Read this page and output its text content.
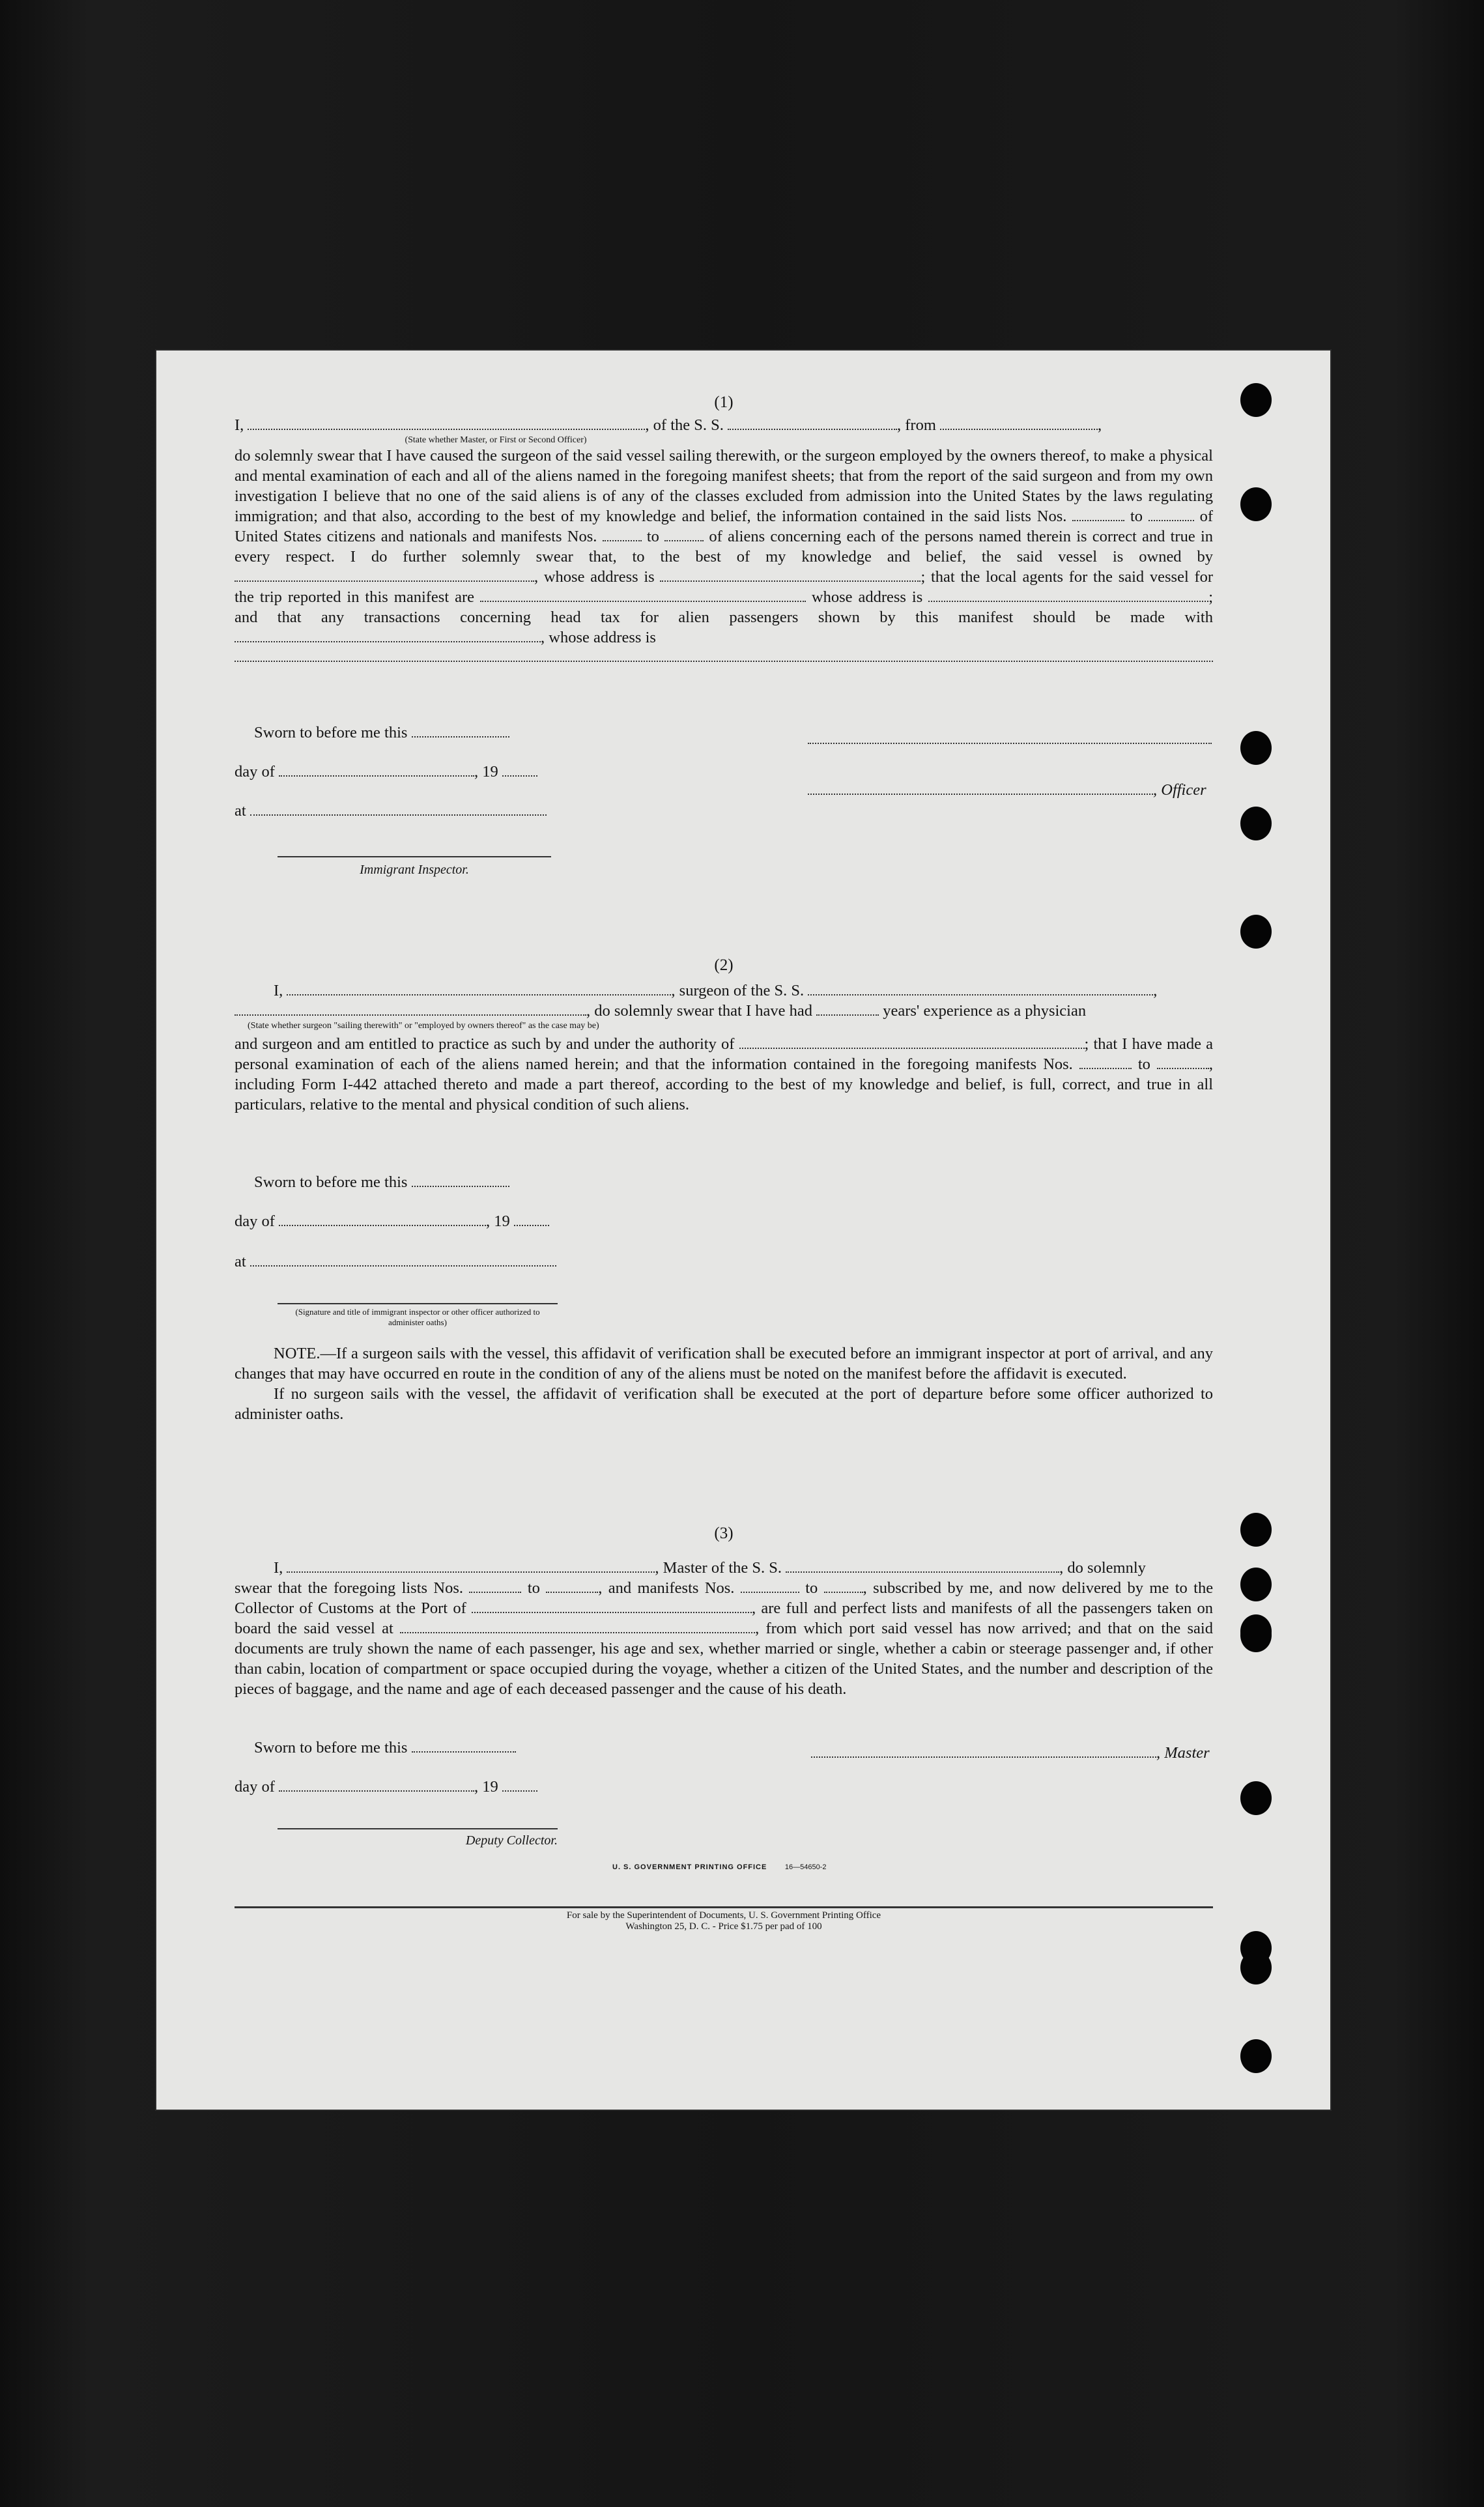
(1)

I,	, of the S. S.	, from	,
(State whether Master, or First or Second Officer)
do solemnly swear that I have caused the surgeon of the said vessel sailing therewith, or the surgeon employed by the owners thereof, to make a physical and mental examination of each and all of the aliens named in the foregoing manifest sheets; that from the report of the said surgeon and from my own investigation I believe that no one of the said aliens is of any of the classes excluded from admission into the United States by the laws regulating immigration; and that also, according to the best of my knowledge and belief, the information contained in the said lists Nos.	to	of United States citizens and nationals and manifests Nos.	to	of aliens concerning each of the persons named therein is correct and true in every respect. I do further solemnly swear that, to the best of my knowledge and belief, the said vessel is owned by , whose address is	; that the local agents for the said vessel for the trip reported in this manifest are	whose address is	; and that any transactions concerning head tax for alien passengers shown by this manifest should be made with , whose address is
Sworn to before me this
day of	, 19
, Officer
at
Immigrant Inspector.

(2)

I,	, surgeon of the S. S.	,
, do solemnly swear that I have had	years' experience as a physician
(State whether surgeon "sailing therewith" or "employed by owners thereof" as the case may be)
and surgeon and am entitled to practice as such by and under the authority of	; that I have made a personal examination of each of the aliens named herein; and that the information contained in the foregoing manifests Nos.	to	, including Form I-442 attached thereto and made a part thereof, according to the best of my knowledge and belief, is full, correct, and true in all particulars, relative to the mental and physical condition of such aliens.
Sworn to before me this
day of	, 19
at
(Signature and title of immigrant inspector or other officer authorized to administer oaths)
NOTE.—If a surgeon sails with the vessel, this affidavit of verification shall be executed before an immigrant inspector at port of arrival, and any changes that may have occurred en route in the condition of any of the aliens must be noted on the manifest before the affidavit is executed.
If no surgeon sails with the vessel, the affidavit of verification shall be executed at the port of departure before some officer authorized to administer oaths.

(3)

I,	, Master of the S. S.	, do solemnly
swear that the foregoing lists Nos.	to	, and manifests Nos.	to	, subscribed by me, and now delivered by me to the Collector of Customs at the Port of	, are full and perfect lists and manifests of all the passengers taken on board the said vessel at	, from which port said vessel has now arrived; and that on the said documents are truly shown the name of each passenger, his age and sex, whether married or single, whether a cabin or steerage passenger and, if other than cabin, location of compartment or space occupied during the voyage, whether a citizen of the United States, and the number and description of the pieces of baggage, and the name and age of each deceased passenger and the cause of his death.
Sworn to before me this	, Master
day of	, 19
Deputy Collector.
U. S. GOVERNMENT PRINTING OFFICE	16—54650-2
For sale by the Superintendent of Documents, U. S. Government Printing Office
Washington 25, D. C. - Price $1.75 per pad of 100
